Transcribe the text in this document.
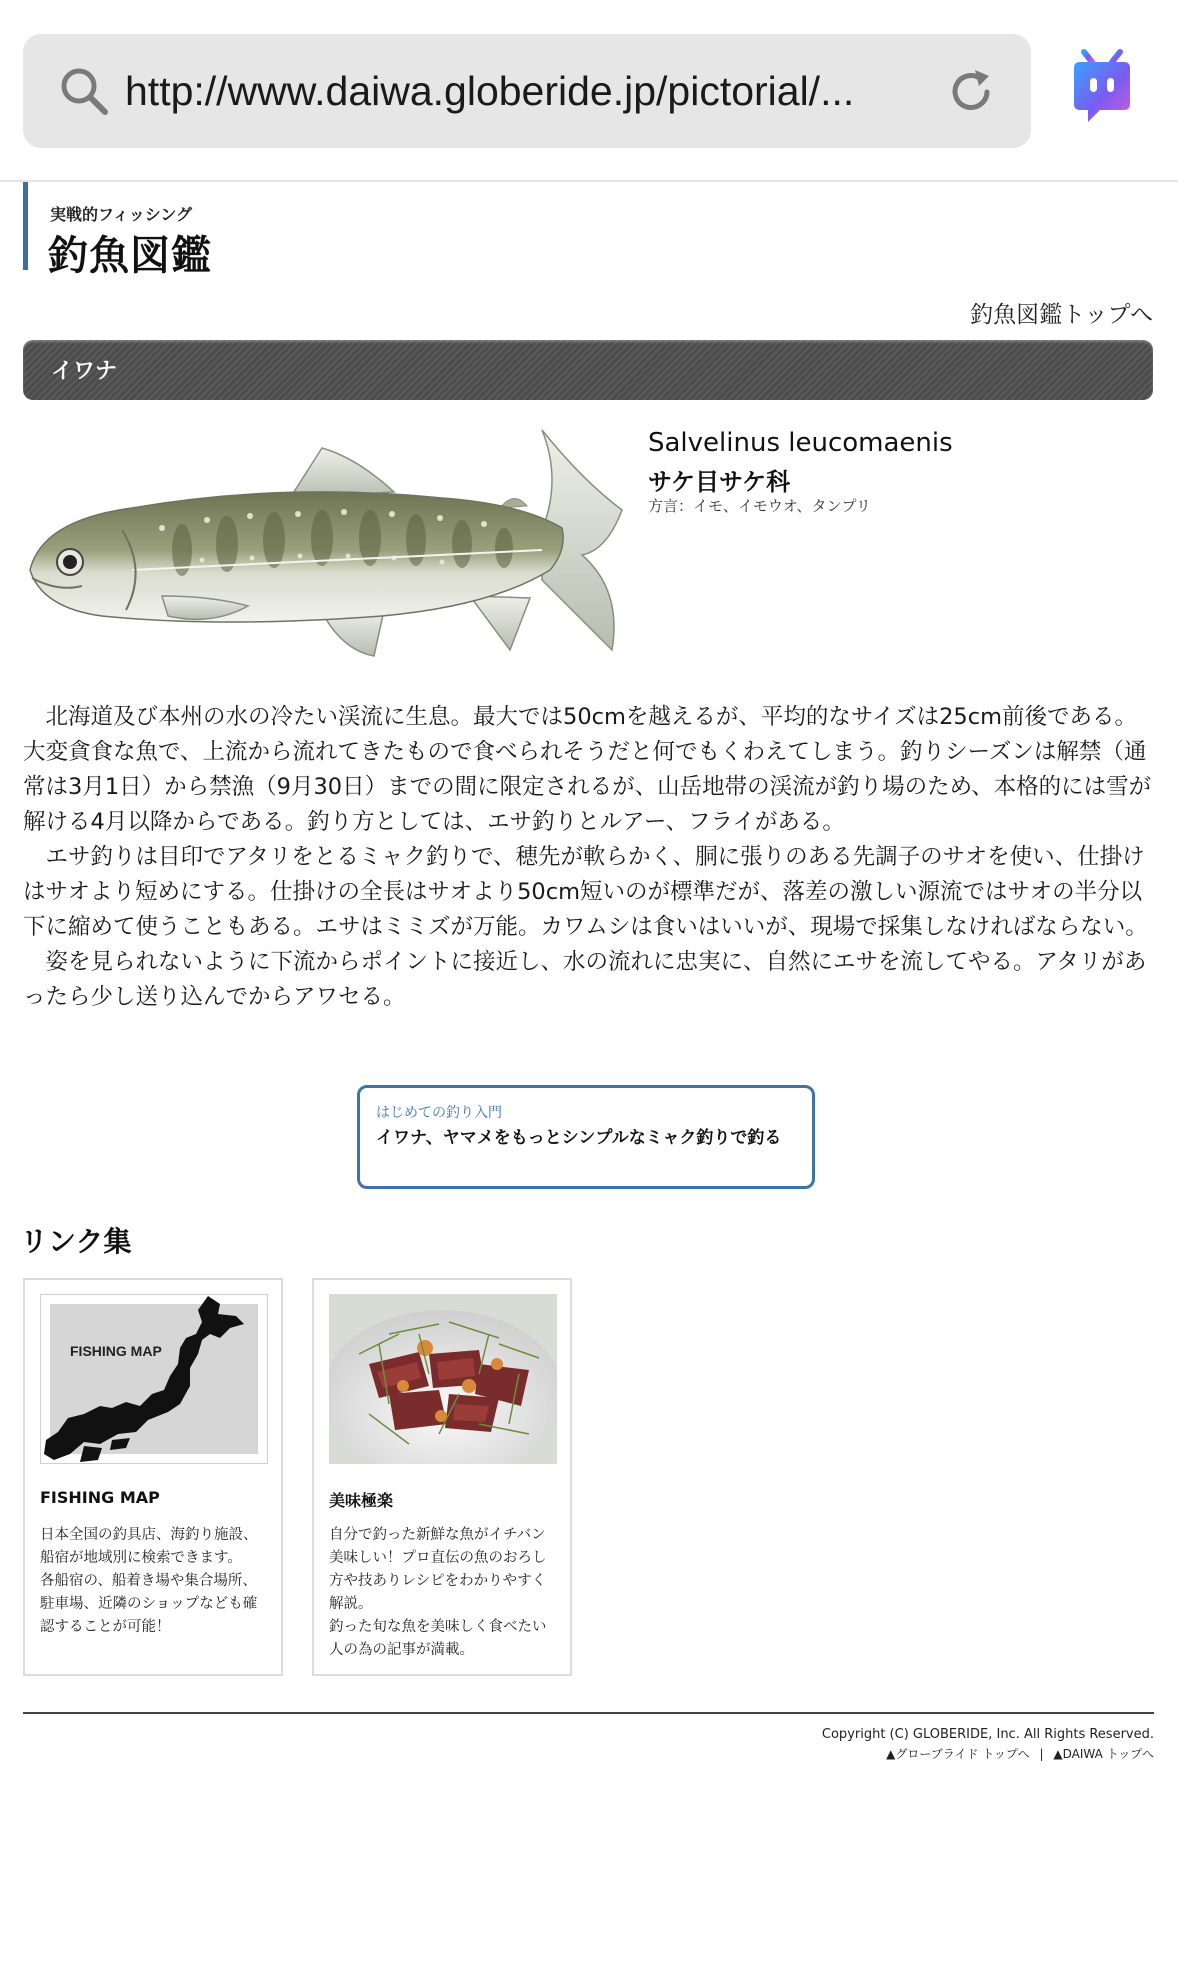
http://www.daiwa.globeride.jp/pictorial/...
実戦的フィッシング
釣魚図鑑
釣魚図鑑トップへ
イワナ
Salvelinus leucomaenis
サケ目サケ科
方言：イモ、イモウオ、タンプリ

北海道及び本州の水の冷たい渓流に生息。最大では50cmを越えるが、平均的なサイズは25cm前後である。大変貪食な魚で、上流から流れてきたもので食べられそうだと何でもくわえてしまう。釣りシーズンは解禁（通常は3月1日）から禁漁（9月30日）までの間に限定されるが、山岳地帯の渓流が釣り場のため、本格的には雪が解ける4月以降からである。釣り方としては、エサ釣りとルアー、フライがある。

エサ釣りは目印でアタリをとるミャク釣りで、穂先が軟らかく、胴に張りのある先調子のサオを使い、仕掛けはサオより短めにする。仕掛けの全長はサオより50cm短いのが標準だが、落差の激しい源流ではサオの半分以下に縮めて使うこともある。エサはミミズが万能。カワムシは食いはいいが、現場で採集しなければならない。

姿を見られないように下流からポイントに接近し、水の流れに忠実に、自然にエサを流してやる。アタリがあったら少し送り込んでからアワセる。

はじめての釣り入門
イワナ、ヤマメをもっとシンプルなミャク釣りで釣る
リンク集
FISHING MAP
FISHING MAP
日本全国の釣具店、海釣り施設、船宿が地域別に検索できます。
各船宿の、船着き場や集合場所、駐車場、近隣のショップなども確認することが可能！
美味極楽
自分で釣った新鮮な魚がイチバン美味しい！プロ直伝の魚のおろし方や技ありレシピをわかりやすく解説。
釣った旬な魚を美味しく食べたい人の為の記事が満載。
Copyright (C) GLOBERIDE, Inc. All Rights Reserved.
▲グローブライド トップへ | ▲DAIWA トップへ
